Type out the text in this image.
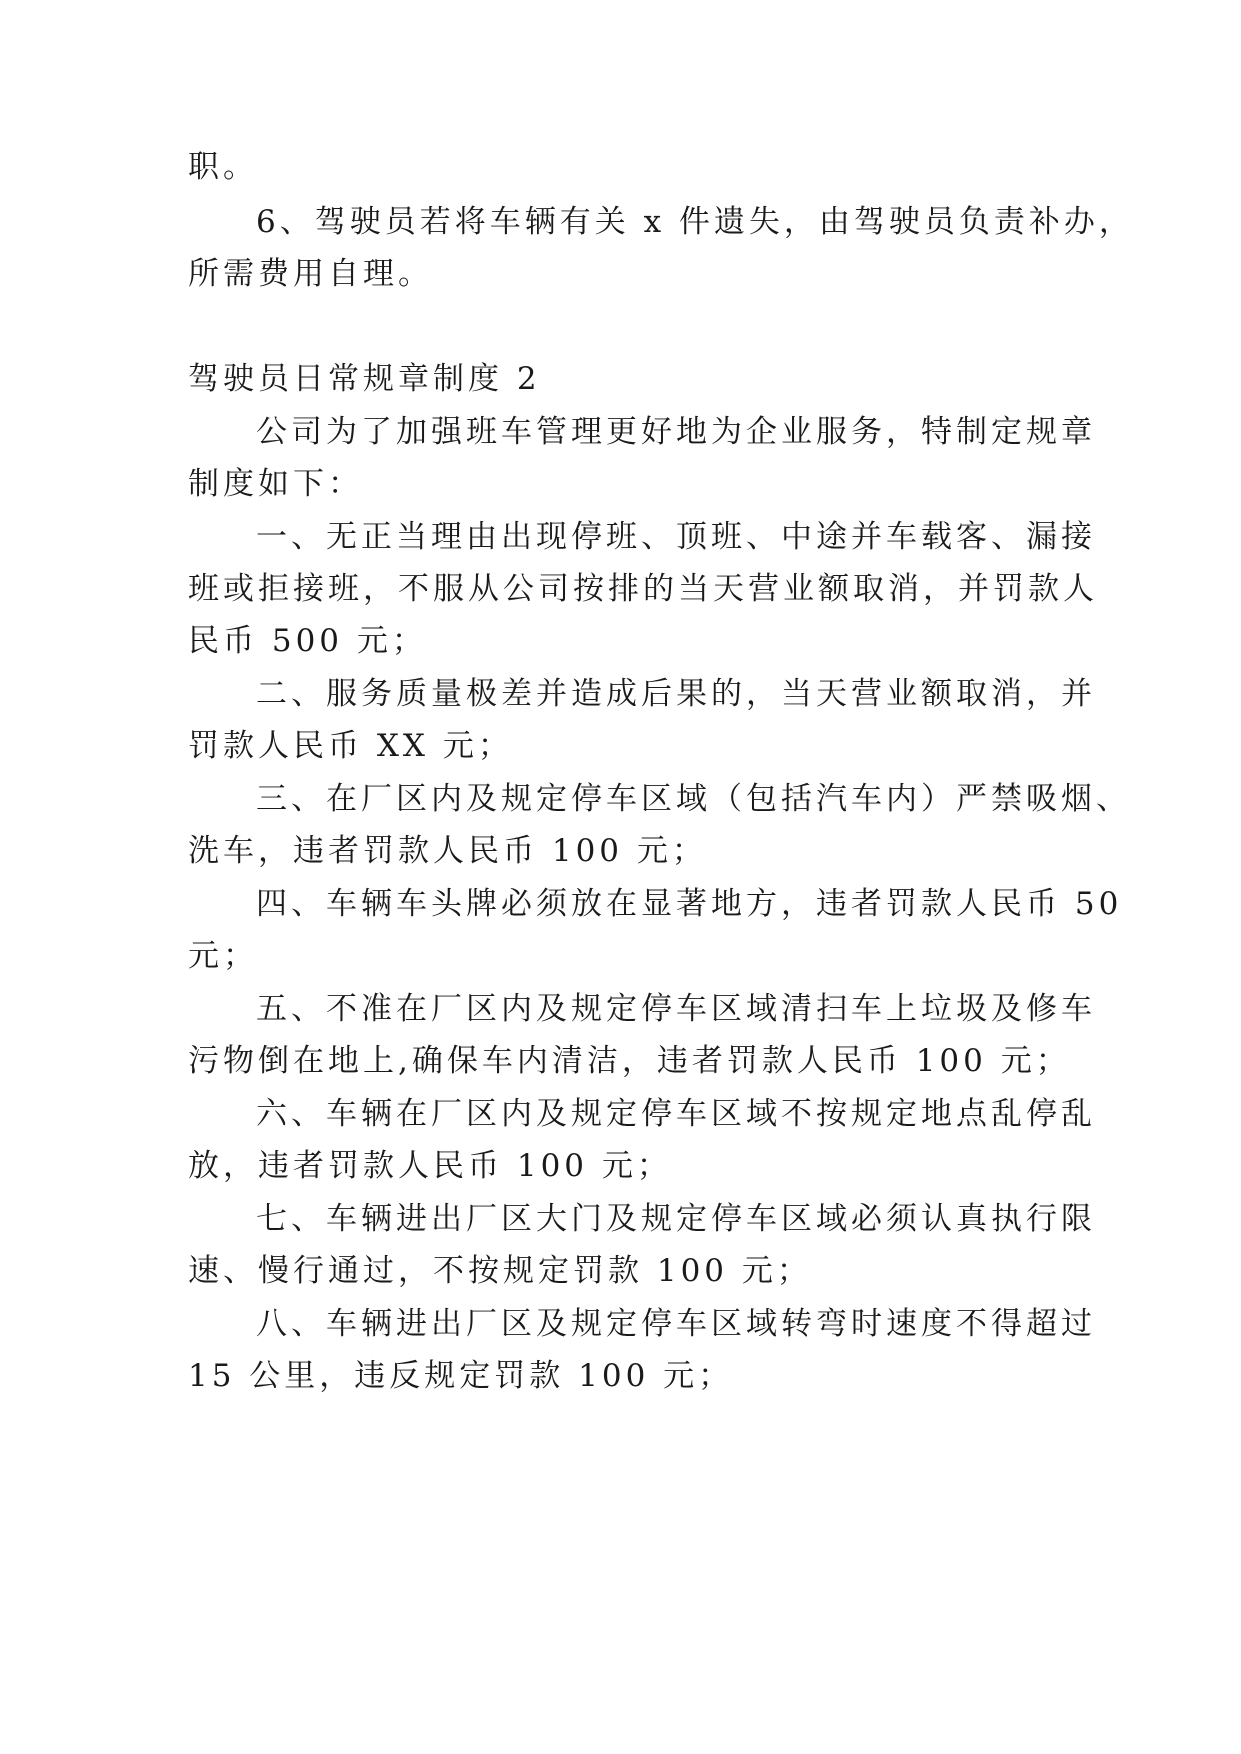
职。

6、驾驶员若将车辆有关 x 件遗失，由驾驶员负责补办，

所需费用自理。

驾驶员日常规章制度 2

公司为了加强班车管理更好地为企业服务，特制定规章

制度如下：

一、无正当理由出现停班、顶班、中途并车载客、漏接

班或拒接班，不服从公司按排的当天营业额取消，并罚款人

民币 500 元；

二、服务质量极差并造成后果的，当天营业额取消，并

罚款人民币 XX 元；

三、在厂区内及规定停车区域（包括汽车内）严禁吸烟、

洗车，违者罚款人民币 100 元；

四、车辆车头牌必须放在显著地方，违者罚款人民币 50

元；

五、不准在厂区内及规定停车区域清扫车上垃圾及修车

污物倒在地上,确保车内清洁，违者罚款人民币 100 元；

六、车辆在厂区内及规定停车区域不按规定地点乱停乱

放，违者罚款人民币 100 元；

七、车辆进出厂区大门及规定停车区域必须认真执行限

速、慢行通过，不按规定罚款 100 元；

八、车辆进出厂区及规定停车区域转弯时速度不得超过

15 公里，违反规定罚款 100 元；
